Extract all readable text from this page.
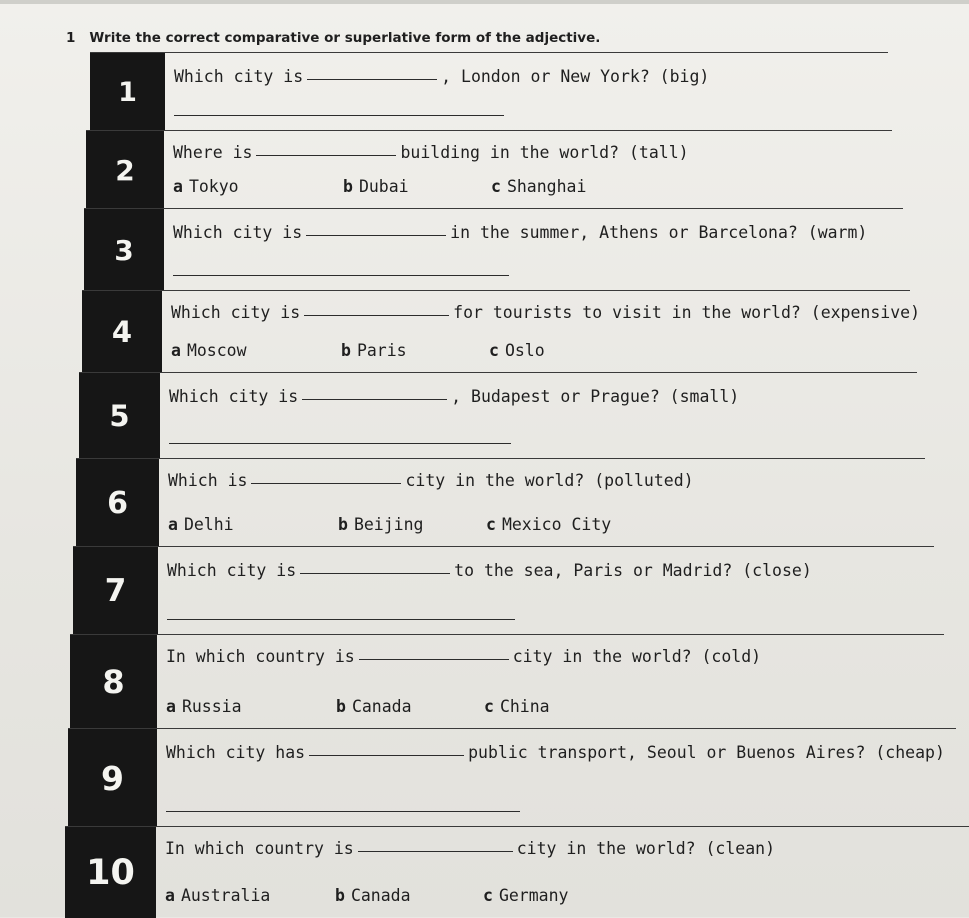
1 Write the correct comparative or superlative form of the adjective.
1	Which city is	, London or New York? (big)
2
Where is	building in the world? (tall)
a Tokyo	b Dubai	c Shanghai
3
Which city is	in the summer, Athens or Barcelona? (warm)
4
Which city is	for tourists to visit in the world? (expensive)
a Moscow	b Paris	c Oslo
5
Which city is	, Budapest or Prague? (small)
6
Which is	city in the world? (polluted)
a Delhi	b Beijing	c Mexico City
7
Which city is	to the sea, Paris or Madrid? (close)
8
In which country is	city in the world? (cold)
a Russia	b Canada	c China
9
Which city has	public transport, Seoul or Buenos Aires? (cheap)
10
In which country is	city in the world? (clean)
a Australia	b Canada	c Germany
